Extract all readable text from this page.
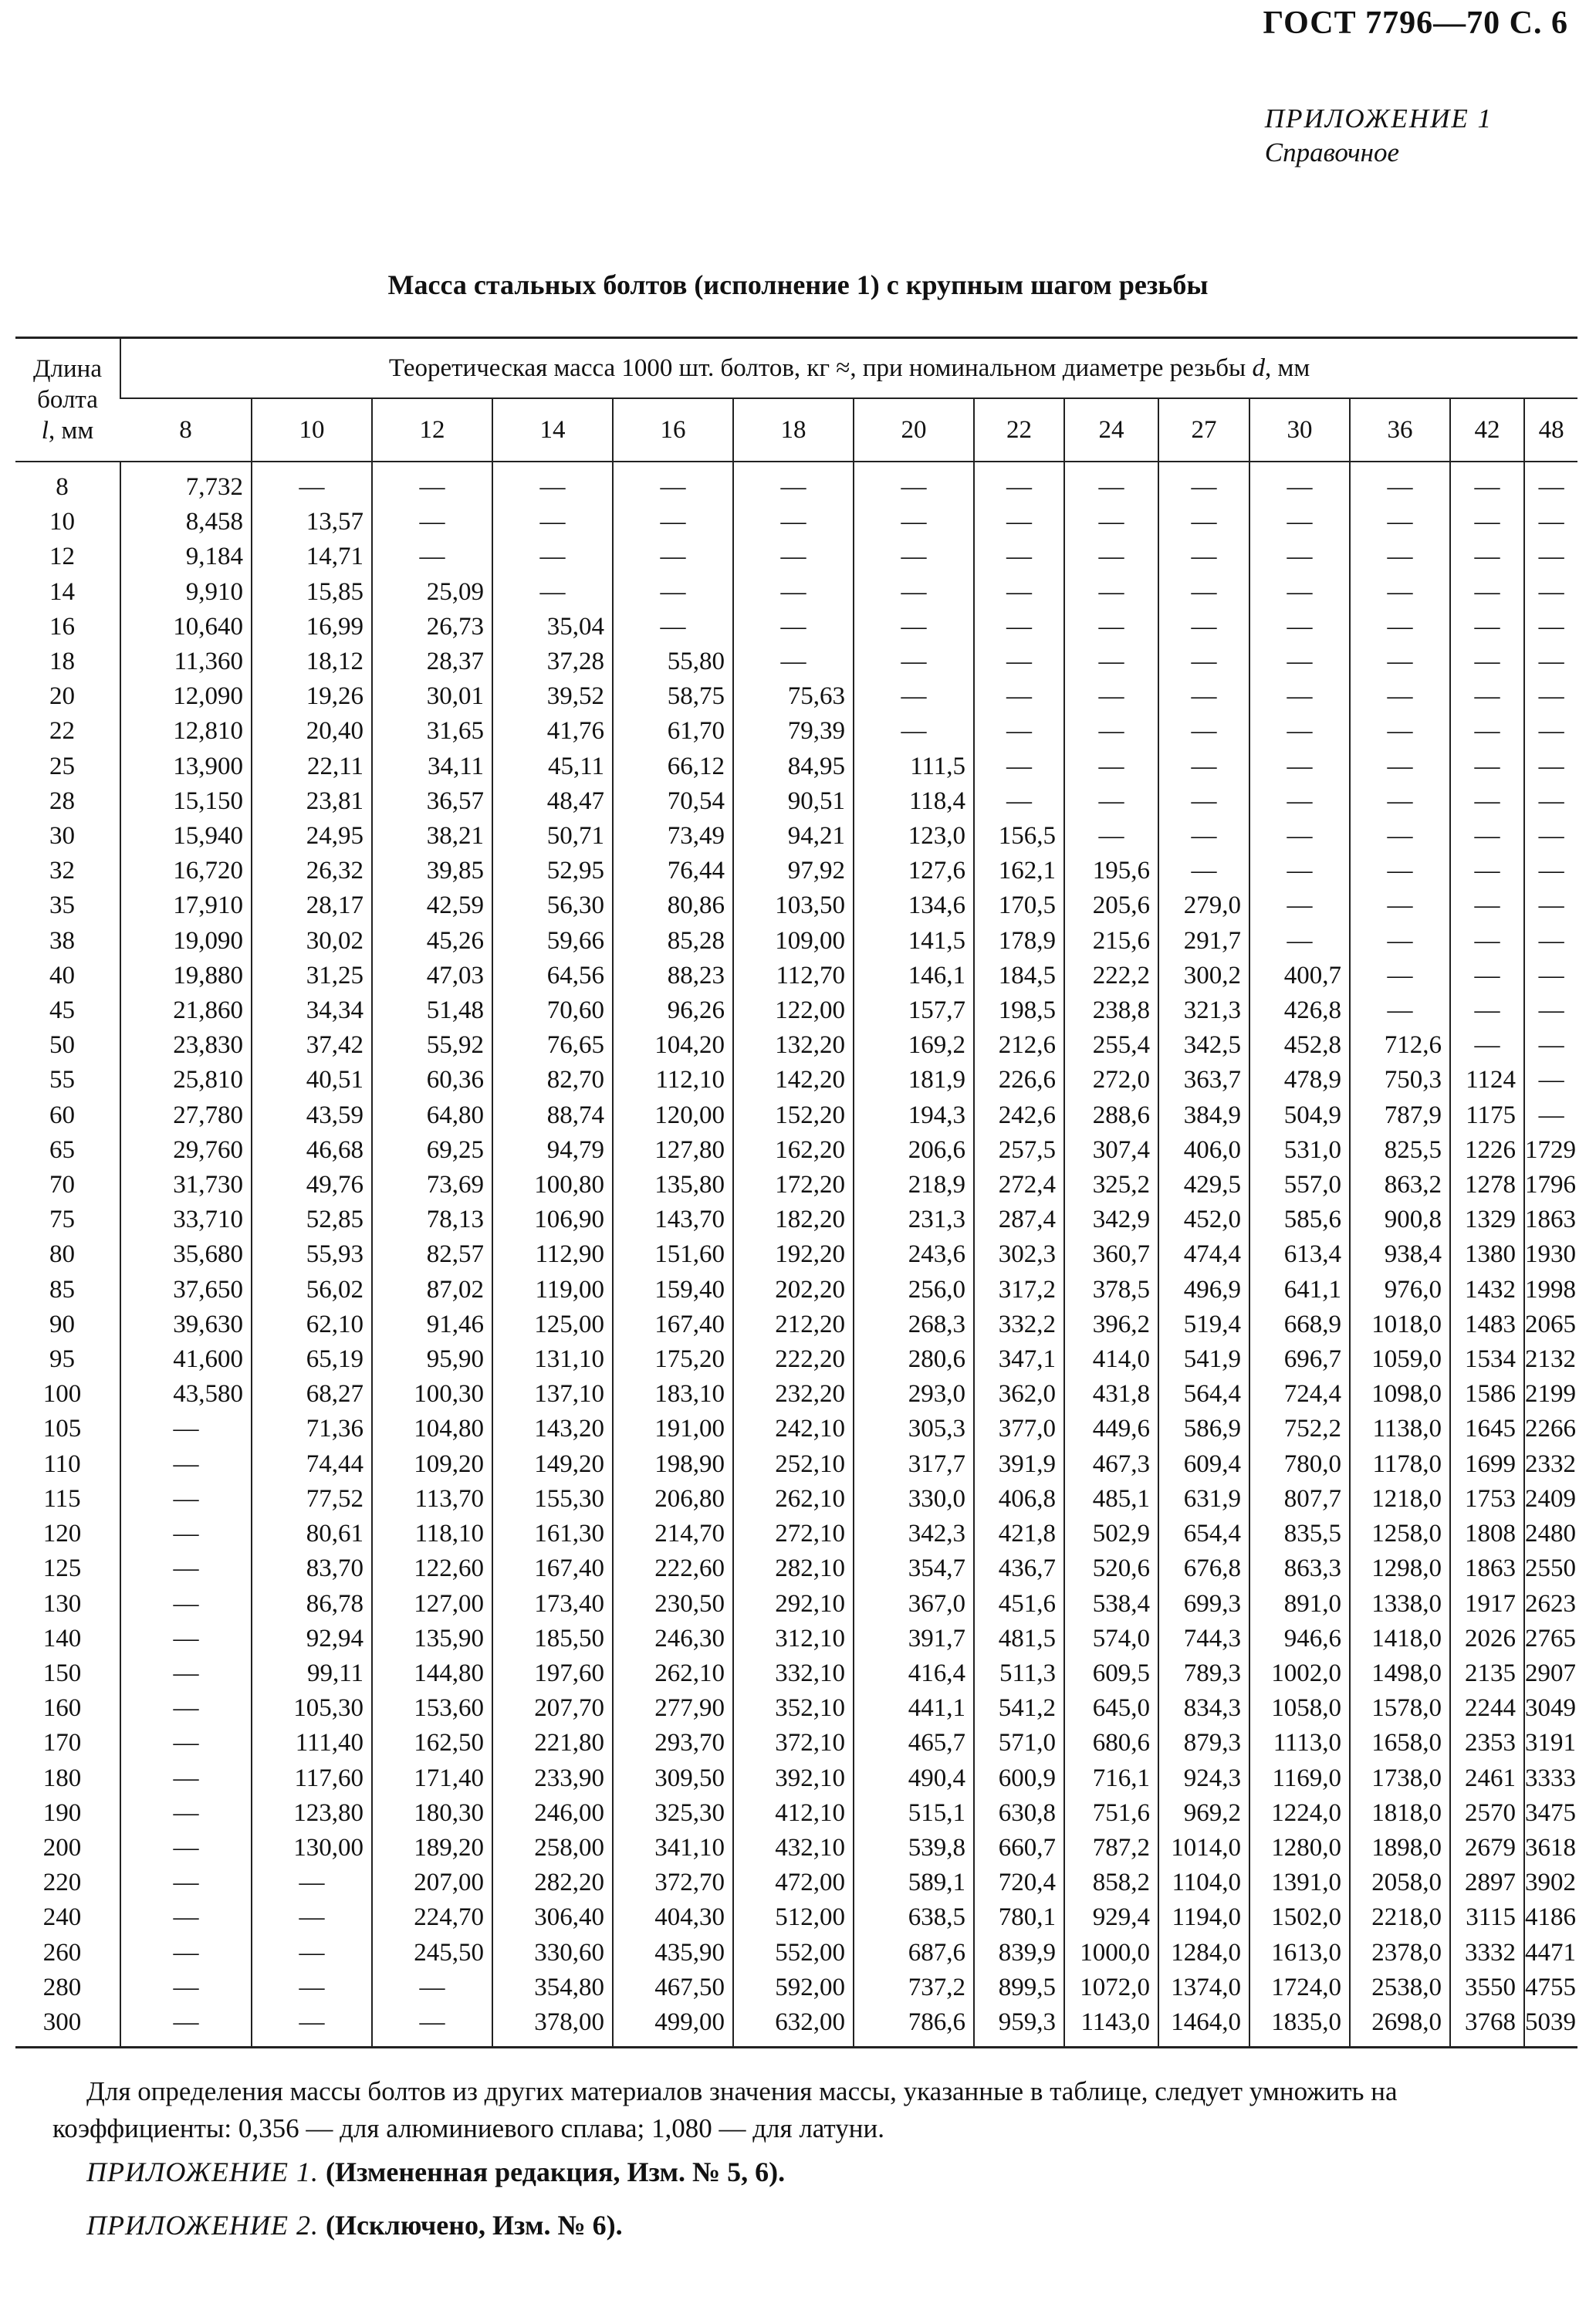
ГОСТ 7796—70 С. 6
ПРИЛОЖЕНИЕ 1
Справочное
Масса стальных болтов (исполнение 1) с крупным шагом резьбы
Длина
болта
l, мм	Теоретическая масса 1000 шт. болтов, кг ≈, при номинальном диаметре резьбы d, мм													
	8	10	12	14	16	18	20	22	24	27	30	36	42	48
8	7,732	—	—	—	—	—	—	—	—	—	—	—	—	—
10	8,458	13,57	—	—	—	—	—	—	—	—	—	—	—	—
12	9,184	14,71	—	—	—	—	—	—	—	—	—	—	—	—
14	9,910	15,85	25,09	—	—	—	—	—	—	—	—	—	—	—
16	10,640	16,99	26,73	35,04	—	—	—	—	—	—	—	—	—	—
18	11,360	18,12	28,37	37,28	55,80	—	—	—	—	—	—	—	—	—
20	12,090	19,26	30,01	39,52	58,75	75,63	—	—	—	—	—	—	—	—
22	12,810	20,40	31,65	41,76	61,70	79,39	—	—	—	—	—	—	—	—
25	13,900	22,11	34,11	45,11	66,12	84,95	111,5	—	—	—	—	—	—	—
28	15,150	23,81	36,57	48,47	70,54	90,51	118,4	—	—	—	—	—	—	—
30	15,940	24,95	38,21	50,71	73,49	94,21	123,0	156,5	—	—	—	—	—	—
32	16,720	26,32	39,85	52,95	76,44	97,92	127,6	162,1	195,6	—	—	—	—	—
35	17,910	28,17	42,59	56,30	80,86	103,50	134,6	170,5	205,6	279,0	—	—	—	—
38	19,090	30,02	45,26	59,66	85,28	109,00	141,5	178,9	215,6	291,7	—	—	—	—
40	19,880	31,25	47,03	64,56	88,23	112,70	146,1	184,5	222,2	300,2	400,7	—	—	—
45	21,860	34,34	51,48	70,60	96,26	122,00	157,7	198,5	238,8	321,3	426,8	—	—	—
50	23,830	37,42	55,92	76,65	104,20	132,20	169,2	212,6	255,4	342,5	452,8	712,6	—	—
55	25,810	40,51	60,36	82,70	112,10	142,20	181,9	226,6	272,0	363,7	478,9	750,3	1124	—
60	27,780	43,59	64,80	88,74	120,00	152,20	194,3	242,6	288,6	384,9	504,9	787,9	1175	—
65	29,760	46,68	69,25	94,79	127,80	162,20	206,6	257,5	307,4	406,0	531,0	825,5	1226	1729
70	31,730	49,76	73,69	100,80	135,80	172,20	218,9	272,4	325,2	429,5	557,0	863,2	1278	1796
75	33,710	52,85	78,13	106,90	143,70	182,20	231,3	287,4	342,9	452,0	585,6	900,8	1329	1863
80	35,680	55,93	82,57	112,90	151,60	192,20	243,6	302,3	360,7	474,4	613,4	938,4	1380	1930
85	37,650	56,02	87,02	119,00	159,40	202,20	256,0	317,2	378,5	496,9	641,1	976,0	1432	1998
90	39,630	62,10	91,46	125,00	167,40	212,20	268,3	332,2	396,2	519,4	668,9	1018,0	1483	2065
95	41,600	65,19	95,90	131,10	175,20	222,20	280,6	347,1	414,0	541,9	696,7	1059,0	1534	2132
100	43,580	68,27	100,30	137,10	183,10	232,20	293,0	362,0	431,8	564,4	724,4	1098,0	1586	2199
105	—	71,36	104,80	143,20	191,00	242,10	305,3	377,0	449,6	586,9	752,2	1138,0	1645	2266
110	—	74,44	109,20	149,20	198,90	252,10	317,7	391,9	467,3	609,4	780,0	1178,0	1699	2332
115	—	77,52	113,70	155,30	206,80	262,10	330,0	406,8	485,1	631,9	807,7	1218,0	1753	2409
120	—	80,61	118,10	161,30	214,70	272,10	342,3	421,8	502,9	654,4	835,5	1258,0	1808	2480
125	—	83,70	122,60	167,40	222,60	282,10	354,7	436,7	520,6	676,8	863,3	1298,0	1863	2550
130	—	86,78	127,00	173,40	230,50	292,10	367,0	451,6	538,4	699,3	891,0	1338,0	1917	2623
140	—	92,94	135,90	185,50	246,30	312,10	391,7	481,5	574,0	744,3	946,6	1418,0	2026	2765
150	—	99,11	144,80	197,60	262,10	332,10	416,4	511,3	609,5	789,3	1002,0	1498,0	2135	2907
160	—	105,30	153,60	207,70	277,90	352,10	441,1	541,2	645,0	834,3	1058,0	1578,0	2244	3049
170	—	111,40	162,50	221,80	293,70	372,10	465,7	571,0	680,6	879,3	1113,0	1658,0	2353	3191
180	—	117,60	171,40	233,90	309,50	392,10	490,4	600,9	716,1	924,3	1169,0	1738,0	2461	3333
190	—	123,80	180,30	246,00	325,30	412,10	515,1	630,8	751,6	969,2	1224,0	1818,0	2570	3475
200	—	130,00	189,20	258,00	341,10	432,10	539,8	660,7	787,2	1014,0	1280,0	1898,0	2679	3618
220	—	—	207,00	282,20	372,70	472,00	589,1	720,4	858,2	1104,0	1391,0	2058,0	2897	3902
240	—	—	224,70	306,40	404,30	512,00	638,5	780,1	929,4	1194,0	1502,0	2218,0	3115	4186
260	—	—	245,50	330,60	435,90	552,00	687,6	839,9	1000,0	1284,0	1613,0	2378,0	3332	4471
280	—	—	—	354,80	467,50	592,00	737,2	899,5	1072,0	1374,0	1724,0	2538,0	3550	4755
300	—	—	—	378,00	499,00	632,00	786,6	959,3	1143,0	1464,0	1835,0	2698,0	3768	5039

Для определения массы болтов из других материалов значения массы, указанные в таблице, следует умножить на коэффициенты: 0,356 — для алюминиевого сплава; 1,080 — для латуни.

ПРИЛОЖЕНИЕ 1. (Измененная редакция, Изм. № 5, 6).
ПРИЛОЖЕНИЕ 2. (Исключено, Изм. № 6).
